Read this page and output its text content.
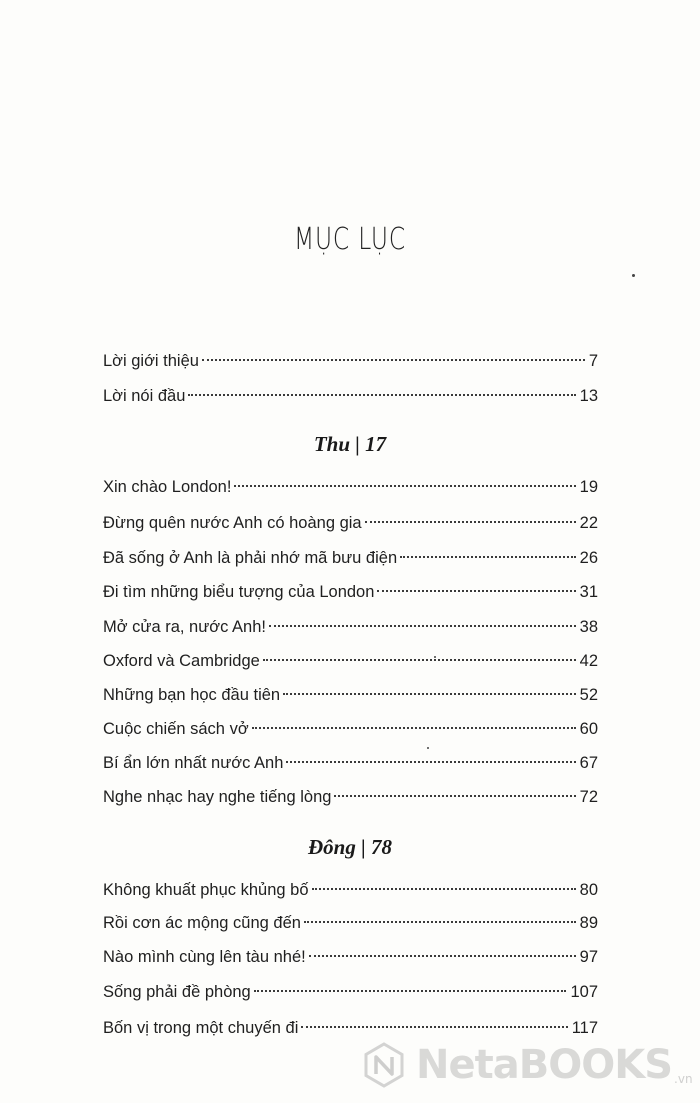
MỤC LỤC
Lời giới thiệu	7
Lời nói đầu	13
Thu | 17
Xin chào London!	19
Đừng quên nước Anh có hoàng gia	22
Đã sống ở Anh là phải nhớ mã bưu điện	26
Đi tìm những biểu tượng của London	31
Mở cửa ra, nước Anh!	38
Oxford và Cambridge	42
Những bạn học đầu tiên	52
Cuộc chiến sách vở	60
Bí ẩn lớn nhất nước Anh	67
Nghe nhạc hay nghe tiếng lòng	72
Đông | 78
Không khuất phục khủng bố	80
Rồi cơn ác mộng cũng đến	89
Nào mình cùng lên tàu nhé!	97
Sống phải đề phòng	107
Bốn vị trong một chuyến đi	117
NetaBOOKS .vn
